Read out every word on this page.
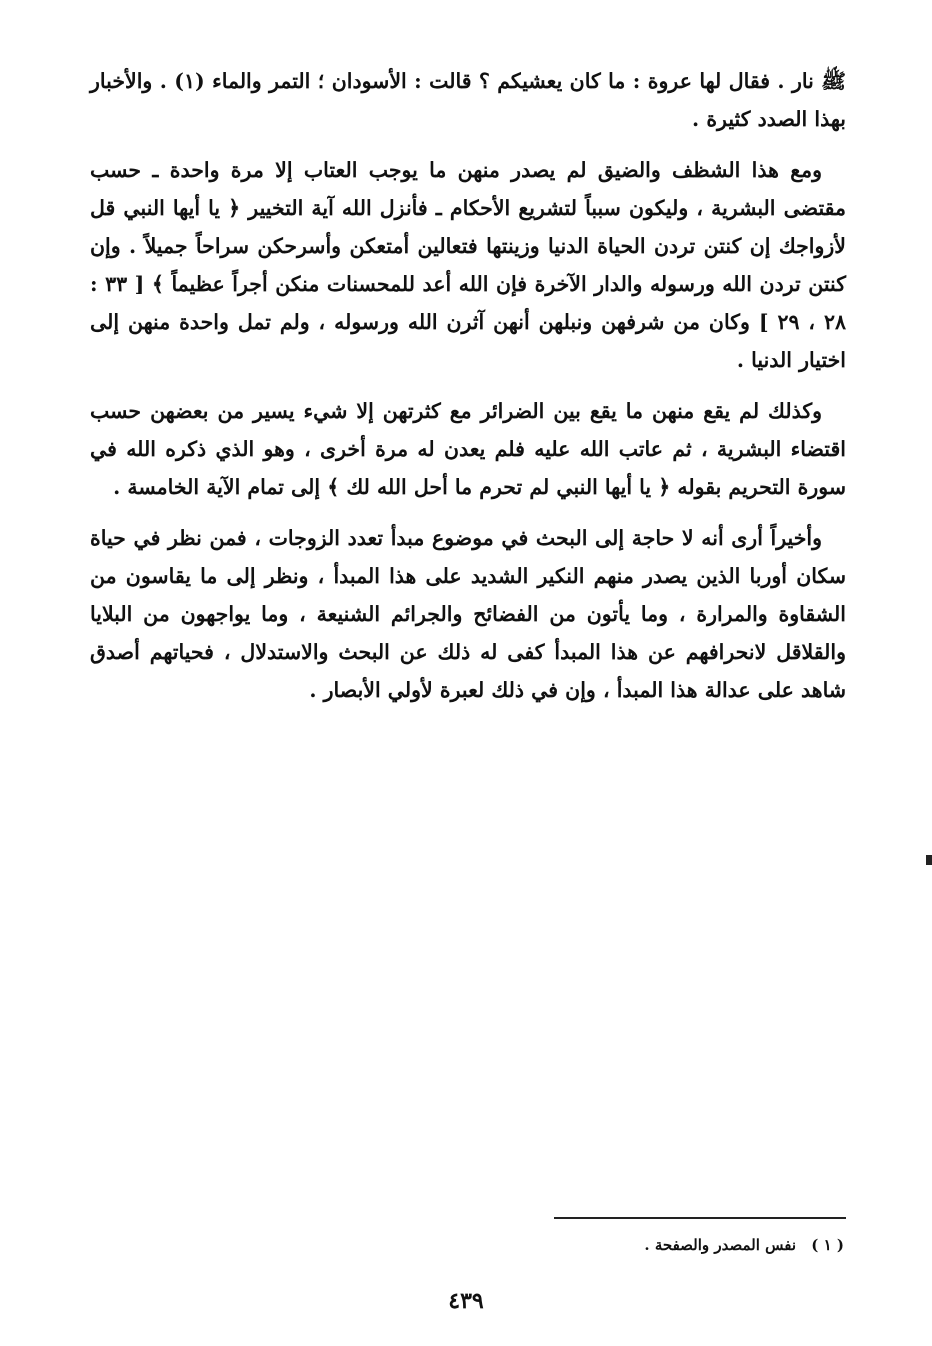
ﷺ نار . فقال لها عروة : ما كان يعشيكم ؟ قالت : الأسودان ؛ التمر والماء (١) . والأخبار بهذا الصدد كثيرة .

ومع هذا الشظف والضيق لم يصدر منهن ما يوجب العتاب إلا مرة واحدة ـ حسب مقتضى البشرية ، وليكون سبباً لتشريع الأحكام ـ فأنزل الله آية التخيير ﴿ يا أيها النبي قل لأزواجك إن كنتن تردن الحياة الدنيا وزينتها فتعالين أمتعكن وأسرحكن سراحاً جميلاً . وإن كنتن تردن الله ورسوله والدار الآخرة فإن الله أعد للمحسنات منكن أجراً عظيماً ﴾ [ ٣٣ : ٢٨ ، ٢٩ ] وكان من شرفهن ونبلهن أنهن آثرن الله ورسوله ، ولم تمل واحدة منهن إلى اختيار الدنيا .

وكذلك لم يقع منهن ما يقع بين الضرائر مع كثرتهن إلا شيء يسير من بعضهن حسب اقتضاء البشرية ، ثم عاتب الله عليه فلم يعدن له مرة أخرى ، وهو الذي ذكره الله في سورة التحريم بقوله ﴿ يا أيها النبي لم تحرم ما أحل الله لك ﴾ إلى تمام الآية الخامسة .

وأخيراً أرى أنه لا حاجة إلى البحث في موضوع مبدأ تعدد الزوجات ، فمن نظر في حياة سكان أوربا الذين يصدر منهم النكير الشديد على هذا المبدأ ، ونظر إلى ما يقاسون من الشقاوة والمرارة ، وما يأتون من الفضائح والجرائم الشنيعة ، وما يواجهون من البلايا والقلاقل لانحرافهم عن هذا المبدأ كفى له ذلك عن البحث والاستدلال ، فحياتهم أصدق شاهد على عدالة هذا المبدأ ، وإن في ذلك لعبرة لأولي الأبصار .

( ١ ) نفس المصدر والصفحة .
٤٣٩
